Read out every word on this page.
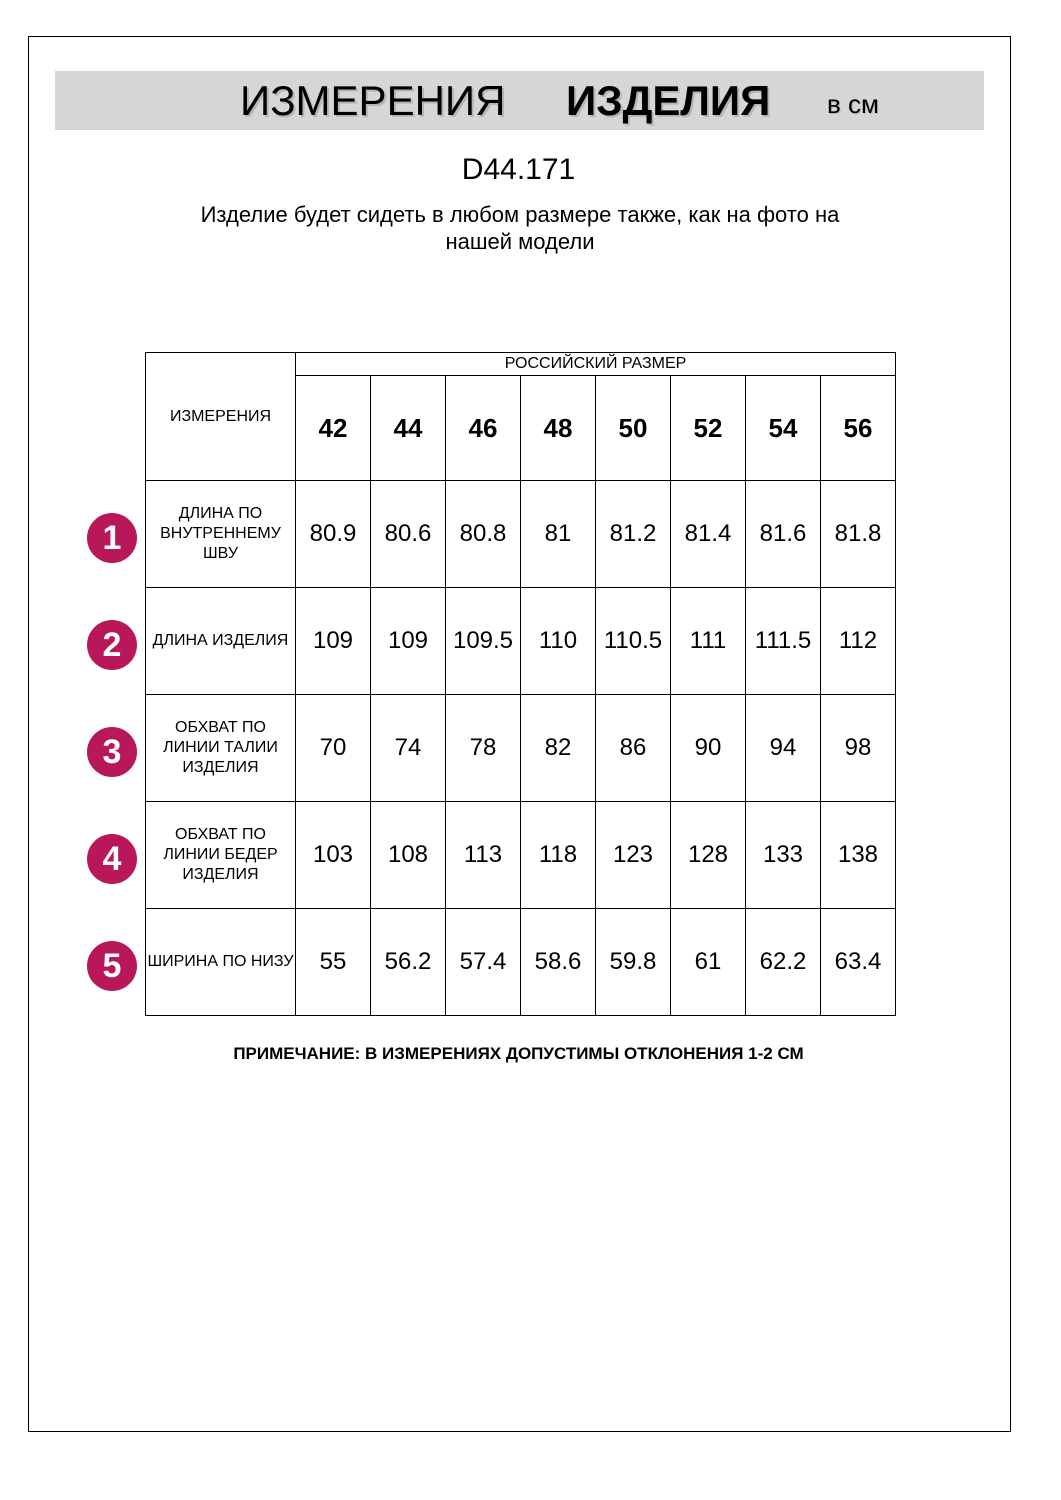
ИЗМЕРЕНИЯ ИЗДЕЛИЯ в см
D44.171
Изделие будет сидеть в любом размере также, как на фото на нашей модели
ИЗМЕРЕНИЯ	РОССИЙСКИЙ РАЗМЕР							
	42	44	46	48	50	52	54	56
ДЛИНА ПО ВНУТРЕННЕМУ ШВУ	80.9	80.6	80.8	81	81.2	81.4	81.6	81.8
ДЛИНА ИЗДЕЛИЯ	109	109	109.5	110	110.5	111	111.5	112
ОБХВАТ ПО ЛИНИИ ТАЛИИ ИЗДЕЛИЯ	70	74	78	82	86	90	94	98
ОБХВАТ ПО ЛИНИИ БЕДЕР ИЗДЕЛИЯ	103	108	113	118	123	128	133	138
ШИРИНА ПО НИЗУ	55	56.2	57.4	58.6	59.8	61	62.2	63.4
1
2
3
4
5
ПРИМЕЧАНИЕ: В ИЗМЕРЕНИЯХ ДОПУСТИМЫ ОТКЛОНЕНИЯ 1-2 СМ
